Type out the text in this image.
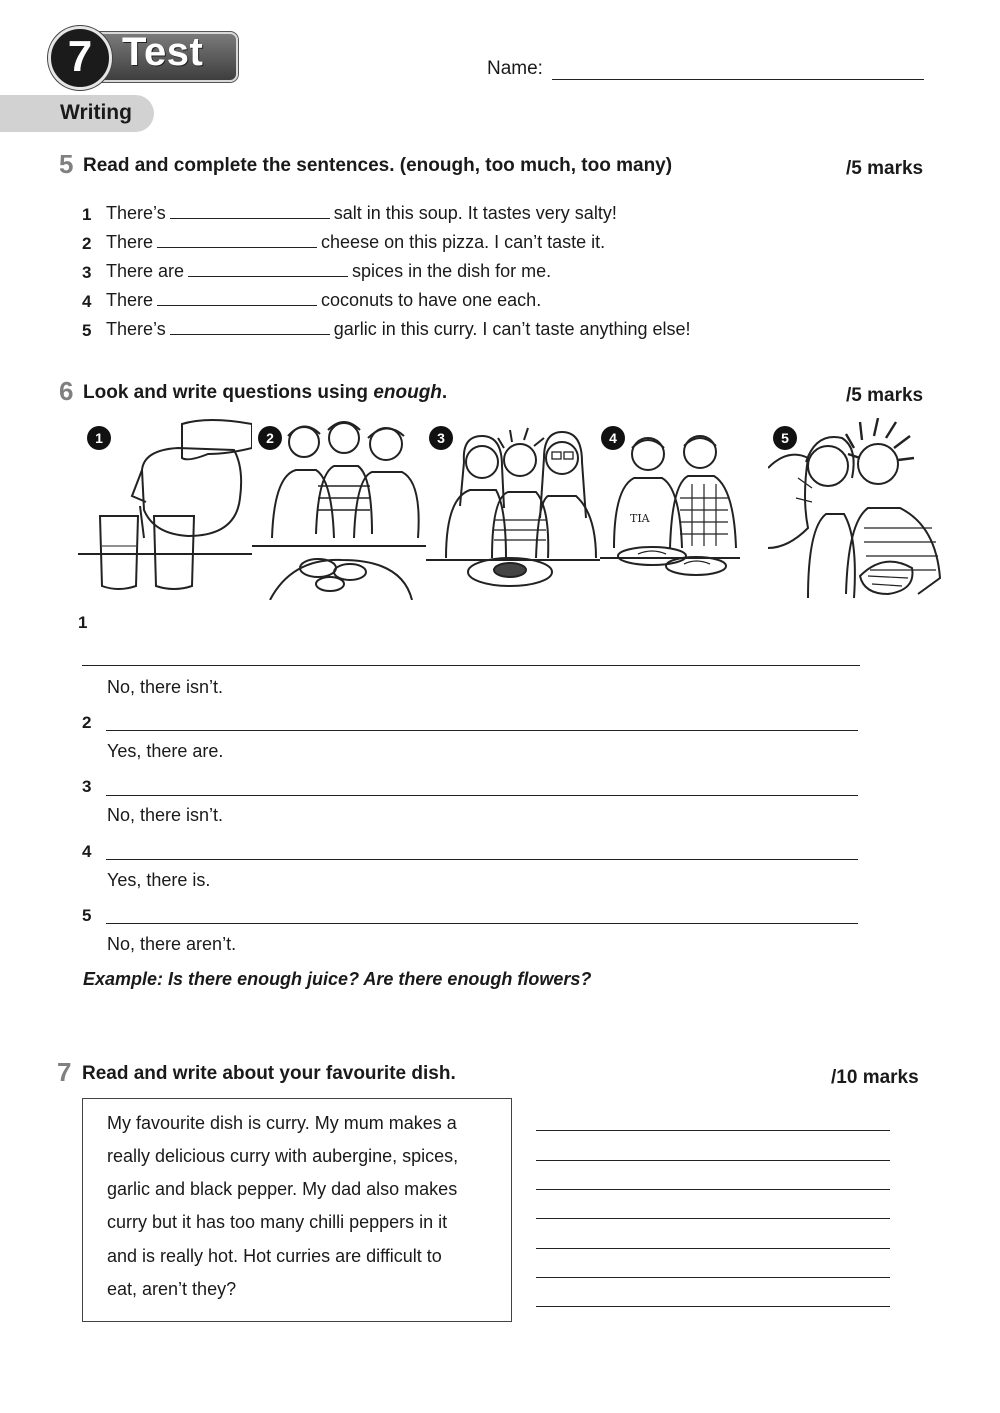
7 Test	Name:
Writing
5 Read and complete the sentences. (enough, too much, too many)	/5 marks
1 There’s	salt in this soup. It tastes very salty!
2 There	cheese on this pizza. I can’t taste it.
3 There are	spices in the dish for me.
4 There	coconuts to have one each.
5 There’s	garlic in this curry. I can’t taste anything else!
6 Look and write questions using enough.	/5 marks
1	2	3	4
TIA
5
1
No, there isn’t.
2
Yes, there are.
3
No, there isn’t.
4
Yes, there is.
5
No, there aren’t.
Example: Is there enough juice? Are there enough flowers?
7 Read and write about your favourite dish.	/10 marks
My favourite dish is curry. My mum makes a
really delicious curry with aubergine, spices,
garlic and black pepper. My dad also makes
curry but it has too many chilli peppers in it
and is really hot. Hot curries are difficult to
eat, aren’t they?
